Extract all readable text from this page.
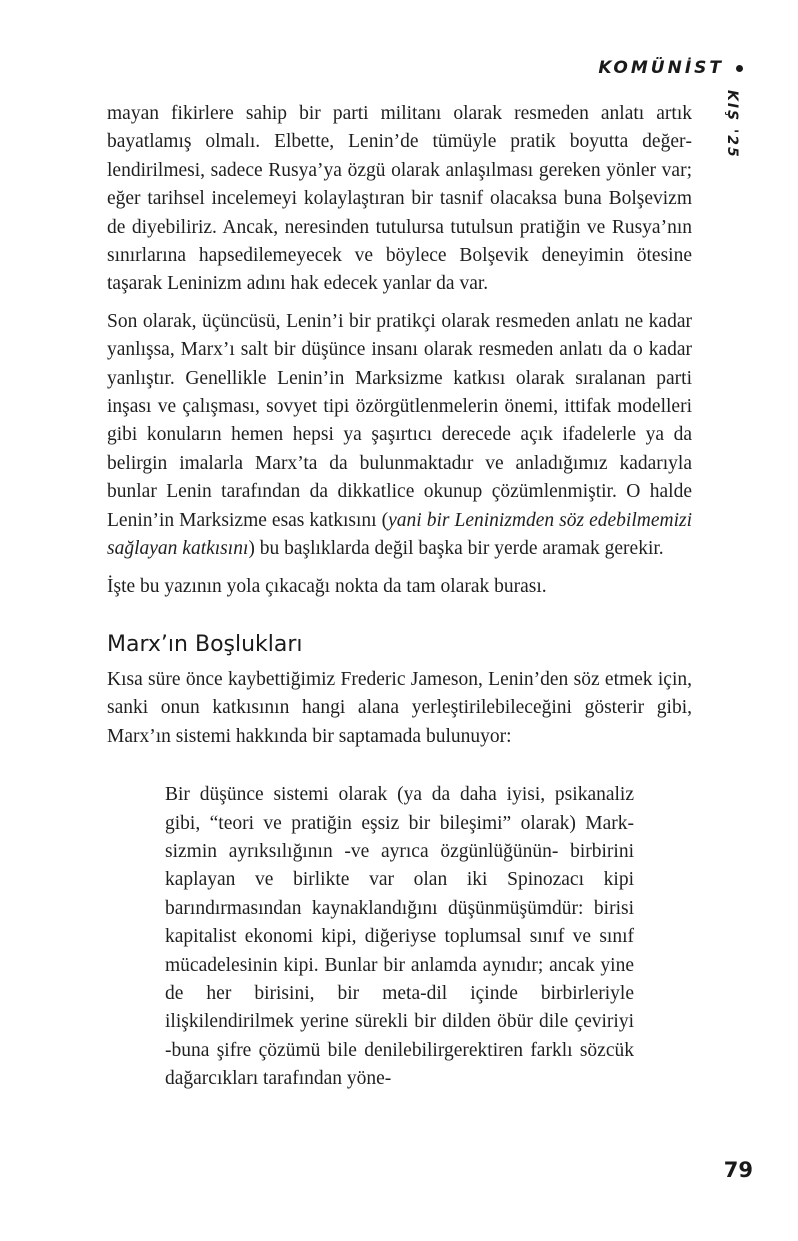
KOMÜNİST
KIŞ '25

mayan fikirlere sahip bir parti militanı olarak resmeden anlatı artık bayatlamış olmalı. Elbette, Lenin’de tümüyle pratik boyutta değerlendirilmesi, sadece Rusya’ya özgü olarak anlaşılması gereken yönler var; eğer tarihsel incelemeyi kolaylaştıran bir tasnif olacaksa buna Bolşevizm de diyebiliriz. Ancak, neresinden tutulursa tutulsun pratiğin ve Rusya’nın sınırlarına hapsedilemeyecek ve böylece Bolşevik deneyimin ötesine taşarak Leninizm adını hak edecek yanlar da var.

Son olarak, üçüncüsü, Lenin’i bir pratikçi olarak resmeden anlatı ne kadar yanlışsa, Marx’ı salt bir düşünce insanı olarak resmeden anlatı da o kadar yanlıştır. Genellikle Lenin’in Marksizme katkısı olarak sıralanan parti inşası ve çalışması, sovyet tipi özörgütlenmelerin önemi, ittifak modelleri gibi konuların hemen hepsi ya şaşırtıcı derecede açık ifadelerle ya da belirgin imalarla Marx’ta da bulunmaktadır ve anladığımız kadarıyla bunlar Lenin tarafından da dikkatlice okunup çözümlenmiştir. O halde Lenin’in Marksizme esas katkısını (yani bir Leninizmden söz edebilmemizi sağlayan katkısını) bu başlıklarda değil başka bir yerde aramak gerekir.

İşte bu yazının yola çıkacağı nokta da tam olarak burası.

Marx’ın Boşlukları

Kısa süre önce kaybettiğimiz Frederic Jameson, Lenin’den söz etmek için, sanki onun katkısının hangi alana yerleştirilebileceğini gösterir gibi, Marx’ın sistemi hakkında bir saptamada bulunuyor:

Bir düşünce sistemi olarak (ya da daha iyisi, psikanaliz gibi, “teori ve pratiğin eşsiz bir bileşimi” olarak) Marksizmin ayrıksılığının -ve ayrıca özgünlüğünün- birbirini kaplayan ve birlikte var olan iki Spinozacı kipi barındırmasından kaynaklandığını düşünmüşümdür: birisi kapitalist ekonomi kipi, diğeriyse toplumsal sınıf ve sınıf mücadelesinin kipi. Bunlar bir anlamda aynıdır; ancak yine de her birisini, bir meta-dil içinde birbirleriyle ilişkilendirilmek yerine sürekli bir dilden öbür dile çeviriyi -buna şifre çözümü bile denilebilirgerektiren farklı sözcük dağarcıkları tarafından yöne-
79
